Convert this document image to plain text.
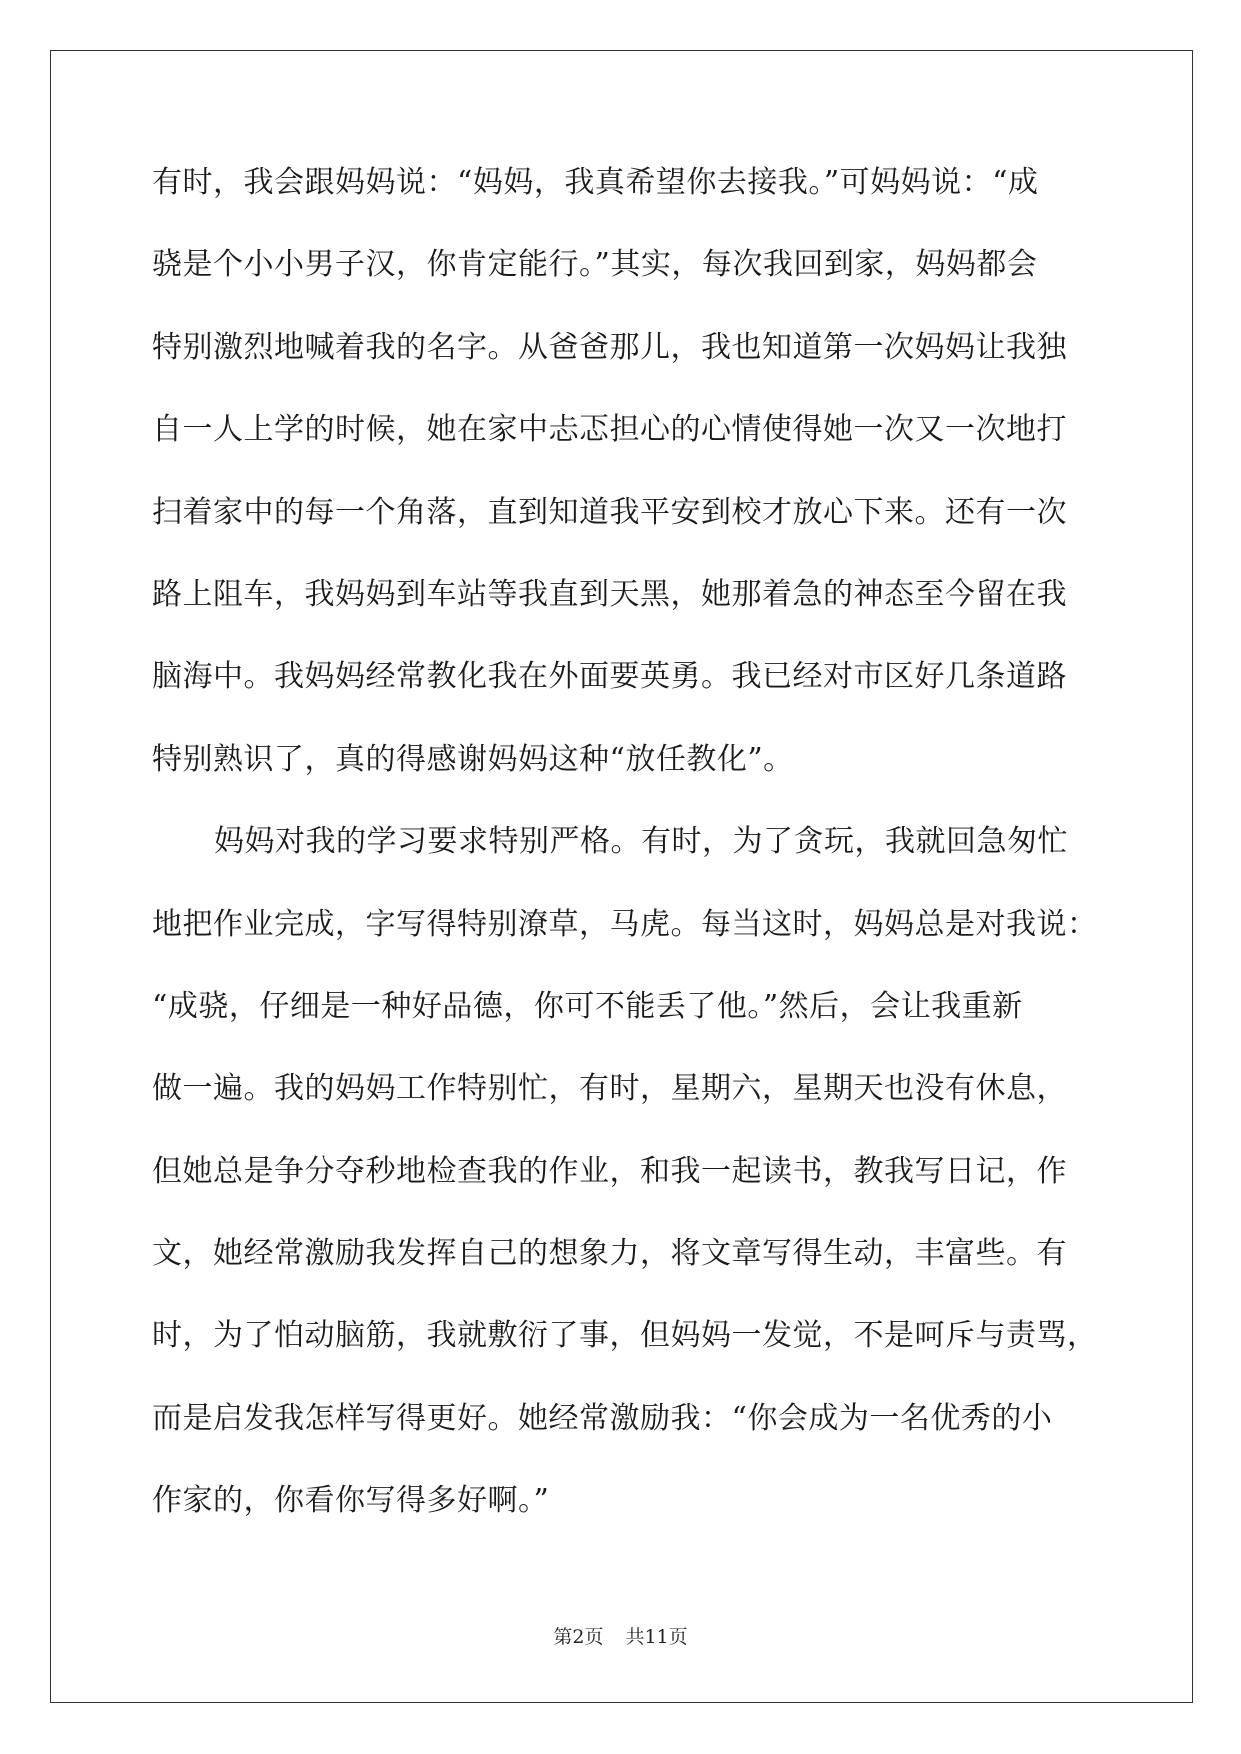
有时，我会跟妈妈说：“妈妈，我真希望你去接我。”可妈妈说：“成
骁是个小小男子汉，你肯定能行。”其实，每次我回到家，妈妈都会
特别激烈地喊着我的名字。从爸爸那儿，我也知道第一次妈妈让我独
自一人上学的时候，她在家中忐忑担心的心情使得她一次又一次地打
扫着家中的每一个角落，直到知道我平安到校才放心下来。还有一次
路上阻车，我妈妈到车站等我直到天黑，她那着急的神态至今留在我
脑海中。我妈妈经常教化我在外面要英勇。我已经对市区好几条道路
特别熟识了，真的得感谢妈妈这种“放任教化”。
妈妈对我的学习要求特别严格。有时，为了贪玩，我就回急匆忙
地把作业完成，字写得特别潦草，马虎。每当这时，妈妈总是对我说：
“成骁，仔细是一种好品德，你可不能丢了他。”然后，会让我重新
做一遍。我的妈妈工作特别忙，有时，星期六，星期天也没有休息，
但她总是争分夺秒地检查我的作业，和我一起读书，教我写日记，作
文，她经常激励我发挥自己的想象力，将文章写得生动，丰富些。有
时，为了怕动脑筋，我就敷衍了事，但妈妈一发觉，不是呵斥与责骂，
而是启发我怎样写得更好。她经常激励我：“你会成为一名优秀的小
作家的，你看你写得多好啊。”
第2页 共11页
